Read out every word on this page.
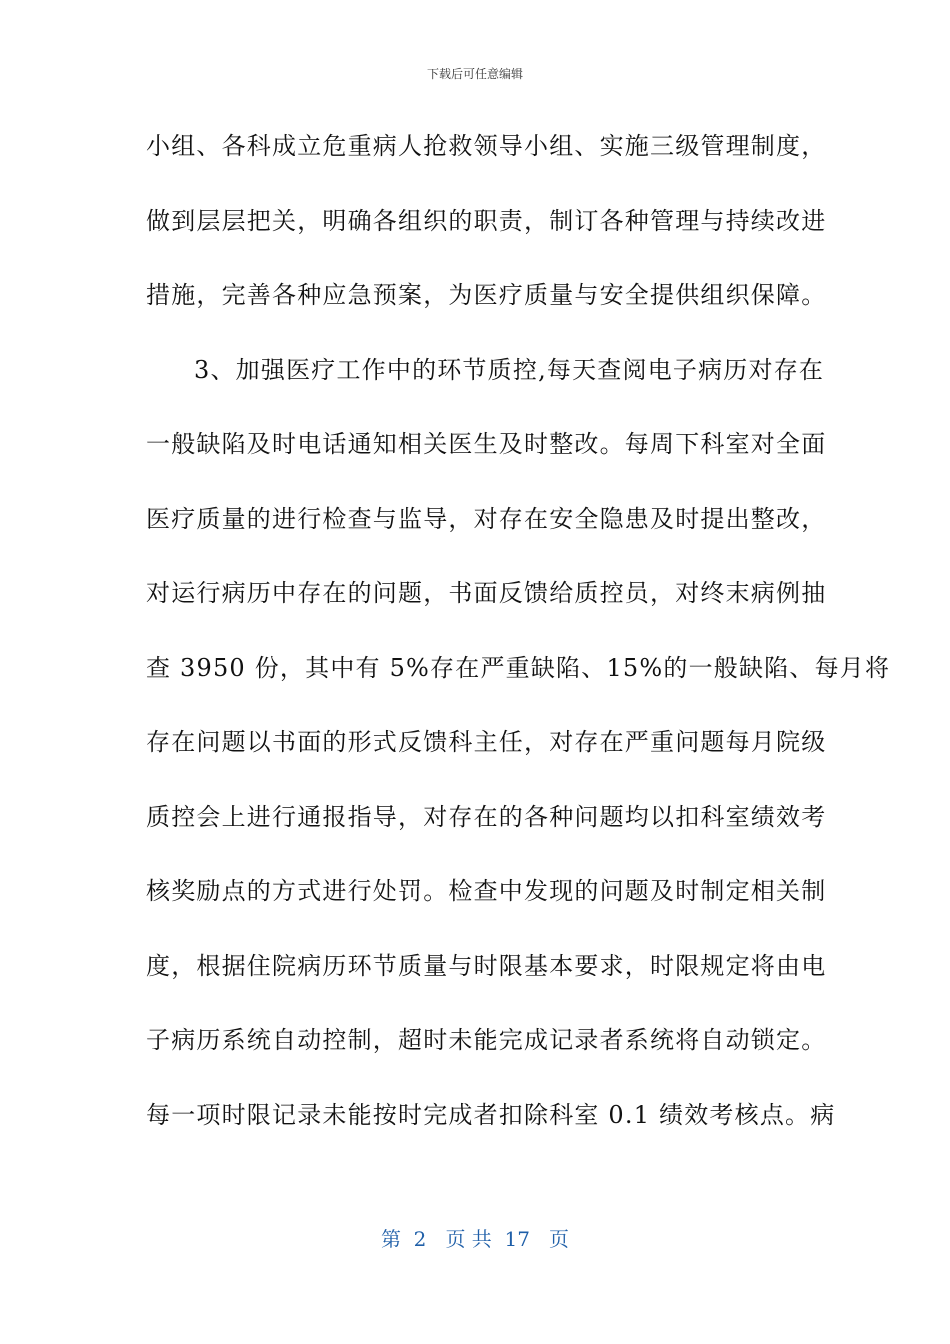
下载后可任意编辑
小组、各科成立危重病人抢救领导小组、实施三级管理制度，
做到层层把关，明确各组织的职责，制订各种管理与持续改进
措施，完善各种应急预案，为医疗质量与安全提供组织保障。
3、加强医疗工作中的环节质控,每天查阅电子病历对存在
一般缺陷及时电话通知相关医生及时整改。每周下科室对全面
医疗质量的进行检查与监导，对存在安全隐患及时提出整改，
对运行病历中存在的问题，书面反馈给质控员，对终末病例抽
查 3950 份，其中有 5%存在严重缺陷、15%的一般缺陷、每月将
存在问题以书面的形式反馈科主任，对存在严重问题每月院级
质控会上进行通报指导，对存在的各种问题均以扣科室绩效考
核奖励点的方式进行处罚。检查中发现的问题及时制定相关制
度，根据住院病历环节质量与时限基本要求，时限规定将由电
子病历系统自动控制，超时未能完成记录者系统将自动锁定。
每一项时限记录未能按时完成者扣除科室 0.1 绩效考核点。病
第  2   页 共  17   页
